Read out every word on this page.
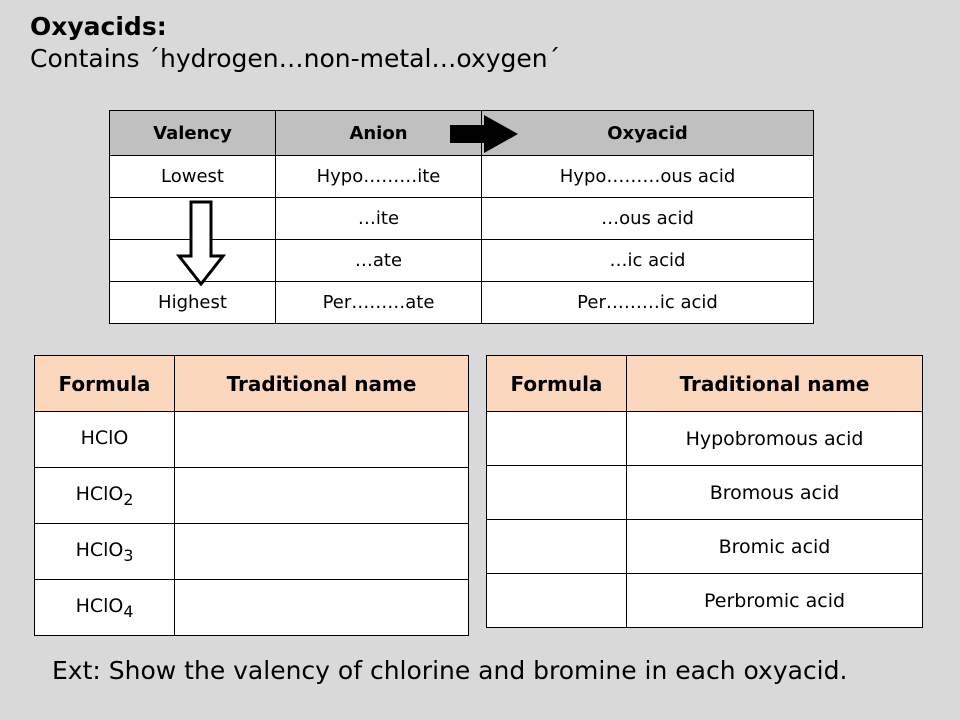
Oxyacids:
Contains ´hydrogen…non-metal…oxygen´
Valency	Anion	Oxyacid
Lowest	Hypo………ite	Hypo………ous acid
	…ite	…ous acid
	…ate	…ic acid
Highest	Per………ate	Per………ic acid
Formula	Traditional name
HClO	
HClO$_2$	
HClO$_3$	
HClO$_4$	
Formula	Traditional name
	Hypobromous acid
	Bromous acid
	Bromic acid
	Perbromic acid
Ext: Show the valency of chlorine and bromine in each oxyacid.
